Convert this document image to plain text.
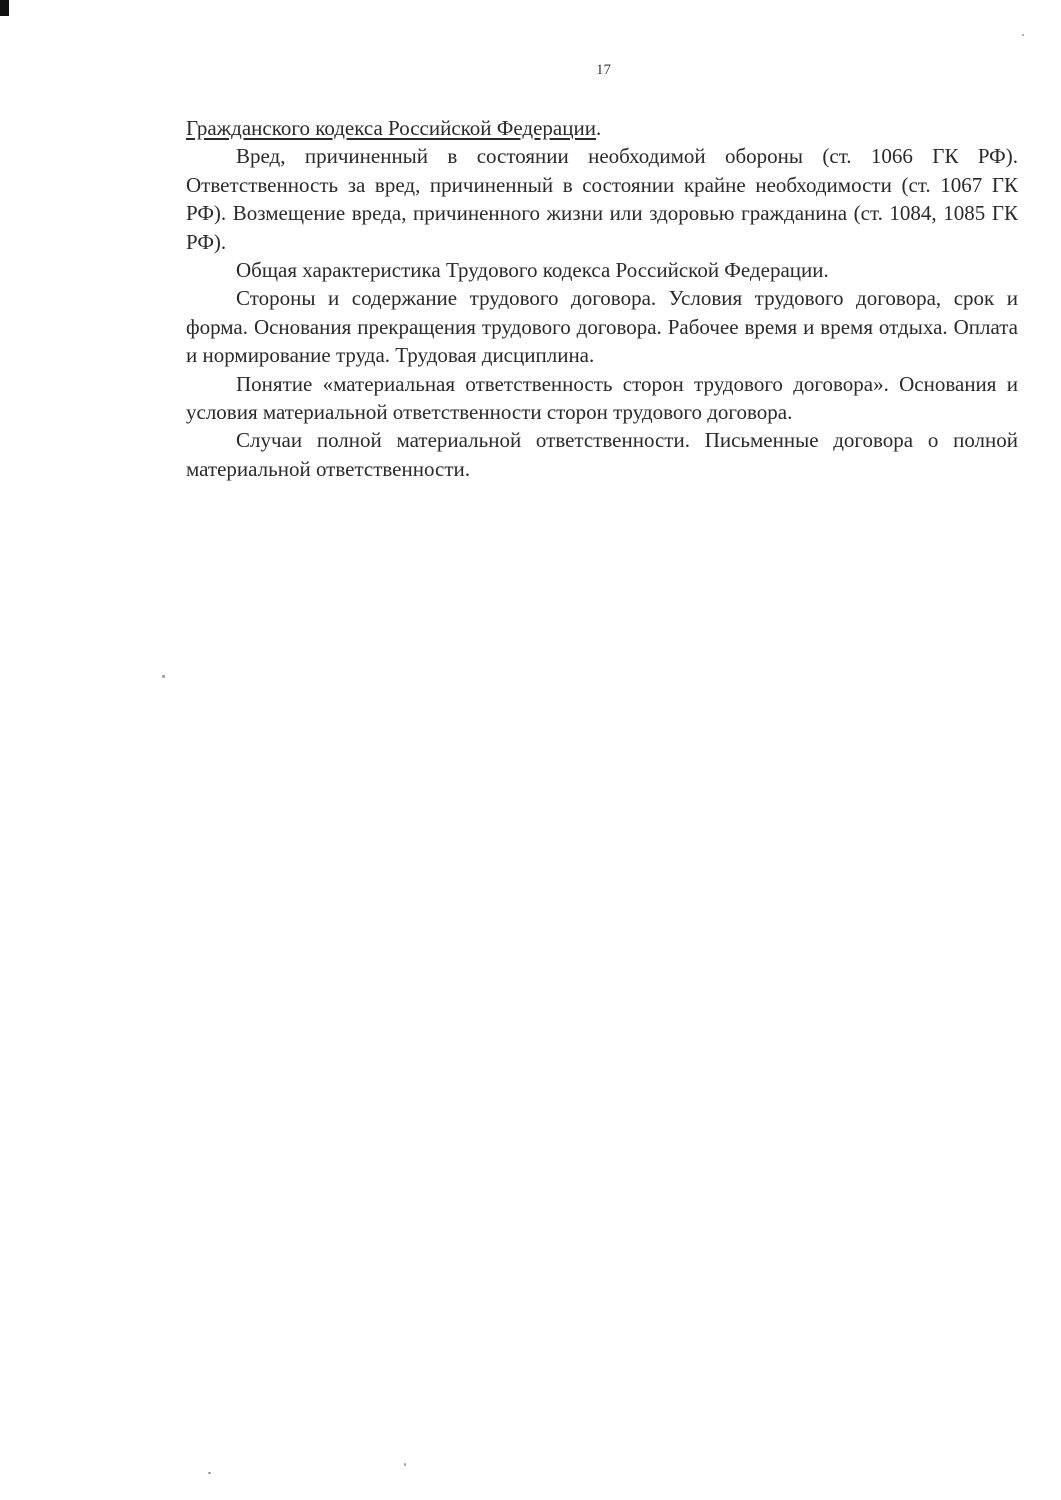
17

Гражданского кодекса Российской Федерации.

Вред, причиненный в состоянии необходимой обороны (ст. 1066 ГК РФ). Ответственность за вред, причиненный в состоянии крайне необходимости (ст. 1067 ГК РФ). Возмещение вреда, причиненного жизни или здоровью гражданина (ст. 1084, 1085 ГК РФ).

Общая характеристика Трудового кодекса Российской Федерации.

Стороны и содержание трудового договора. Условия трудового договора, срок и форма. Основания прекращения трудового договора. Рабочее время и время отдыха. Оплата и нормирование труда. Трудовая дисциплина.

Понятие «материальная ответственность сторон трудового договора». Основания и условия материальной ответственности сторон трудового договора.

Случаи полной материальной ответственности. Письменные договора о полной материальной ответственности.
